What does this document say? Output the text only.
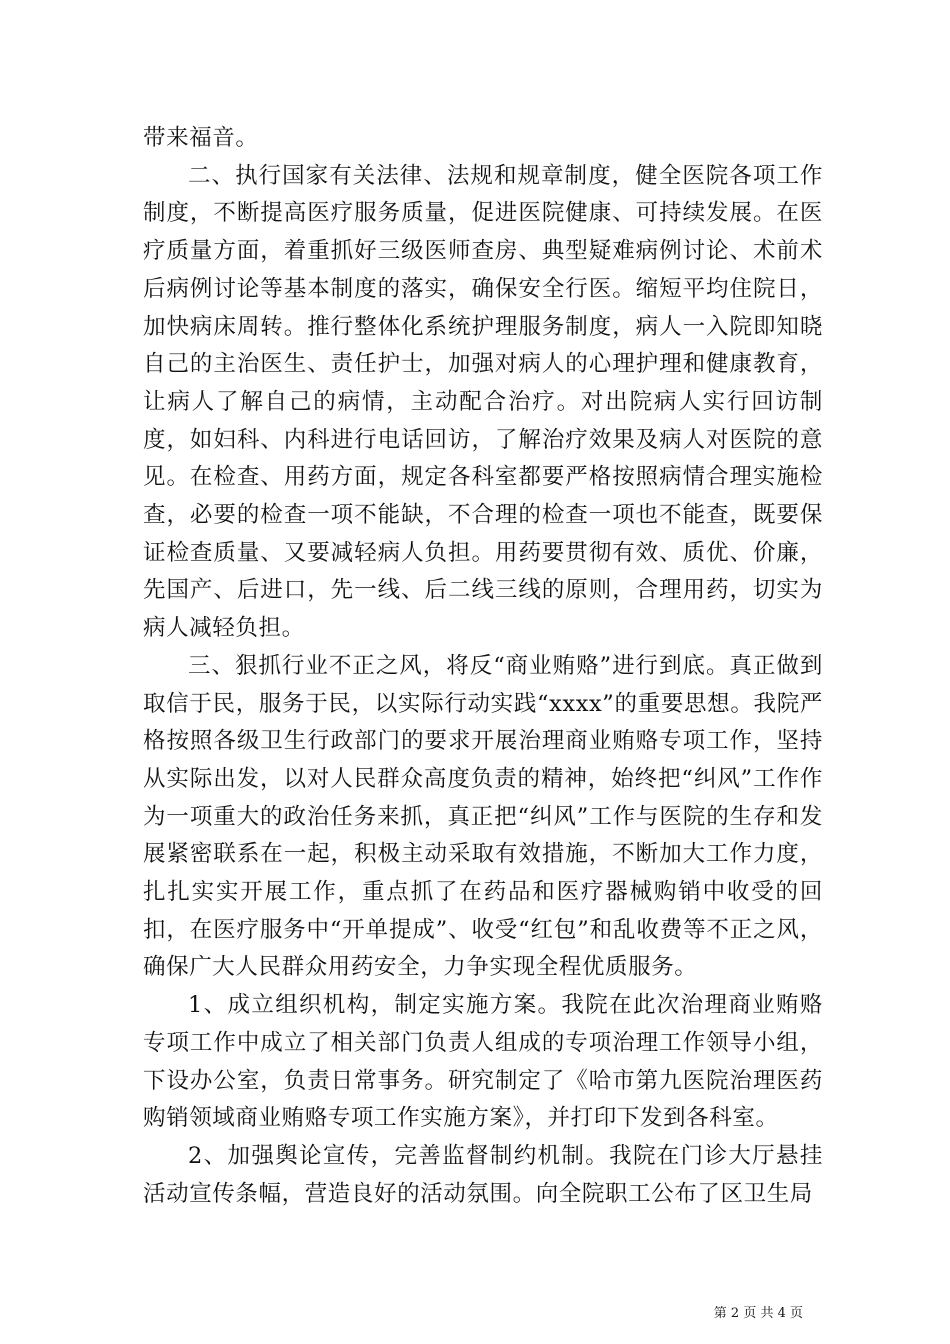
带来福音。

二、执行国家有关法律、法规和规章制度，健全医院各项工作制度，不断提高医疗服务质量，促进医院健康、可持续发展。在医疗质量方面，着重抓好三级医师查房、典型疑难病例讨论、术前术后病例讨论等基本制度的落实，确保安全行医。缩短平均住院日，加快病床周转。推行整体化系统护理服务制度，病人一入院即知晓自己的主治医生、责任护士，加强对病人的心理护理和健康教育，让病人了解自己的病情，主动配合治疗。对出院病人实行回访制度，如妇科、内科进行电话回访，了解治疗效果及病人对医院的意见。在检查、用药方面，规定各科室都要严格按照病情合理实施检查，必要的检查一项不能缺，不合理的检查一项也不能查，既要保证检查质量、又要减轻病人负担。用药要贯彻有效、质优、价廉，先国产、后进口，先一线、后二线三线的原则，合理用药，切实为病人减轻负担。

三、狠抓行业不正之风，将反“商业贿赂”进行到底。真正做到取信于民，服务于民，以实际行动实践“xxxx”的重要思想。我院严格按照各级卫生行政部门的要求开展治理商业贿赂专项工作，坚持从实际出发，以对人民群众高度负责的精神，始终把“纠风”工作作为一项重大的政治任务来抓，真正把“纠风”工作与医院的生存和发展紧密联系在一起，积极主动采取有效措施，不断加大工作力度，扎扎实实开展工作，重点抓了在药品和医疗器械购销中收受的回扣，在医疗服务中“开单提成”、收受“红包”和乱收费等不正之风，确保广大人民群众用药安全，力争实现全程优质服务。

1、成立组织机构，制定实施方案。我院在此次治理商业贿赂专项工作中成立了相关部门负责人组成的专项治理工作领导小组，下设办公室，负责日常事务。研究制定了《哈市第九医院治理医药购销领域商业贿赂专项工作实施方案》，并打印下发到各科室。

2、加强舆论宣传，完善监督制约机制。我院在门诊大厅悬挂活动宣传条幅，营造良好的活动氛围。向全院职工公布了区卫生局

第 2 页 共 4 页
